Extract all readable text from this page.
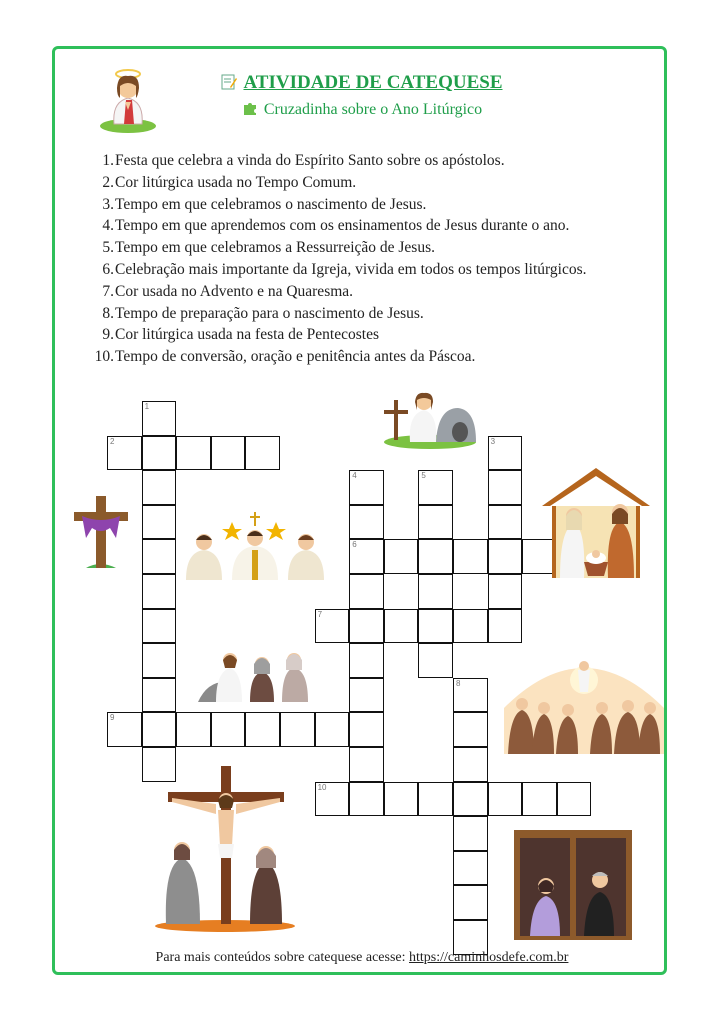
ATIVIDADE DE CATEQUESE
Cruzadinha sobre o Ano Litúrgico
1. Festa que celebra a vinda do Espírito Santo sobre os apóstolos.
2. Cor litúrgica usada no Tempo Comum.
3. Tempo em que celebramos o nascimento de Jesus.
4. Tempo em que aprendemos com os ensinamentos de Jesus durante o ano.
5. Tempo em que celebramos a Ressurreição de Jesus.
6. Celebração mais importante da Igreja, vivida em todos os tempos litúrgicos.
7. Cor usada no Advento e na Quaresma.
8. Tempo de preparação para o nascimento de Jesus.
9. Cor litúrgica usada na festa de Pentecostes
10. Tempo de conversão, oração e penitência antes da Páscoa.
1
2	3
4	5
6
7
8
9
10
Para mais conteúdos sobre catequese acesse: https://caminhosdefe.com.br
